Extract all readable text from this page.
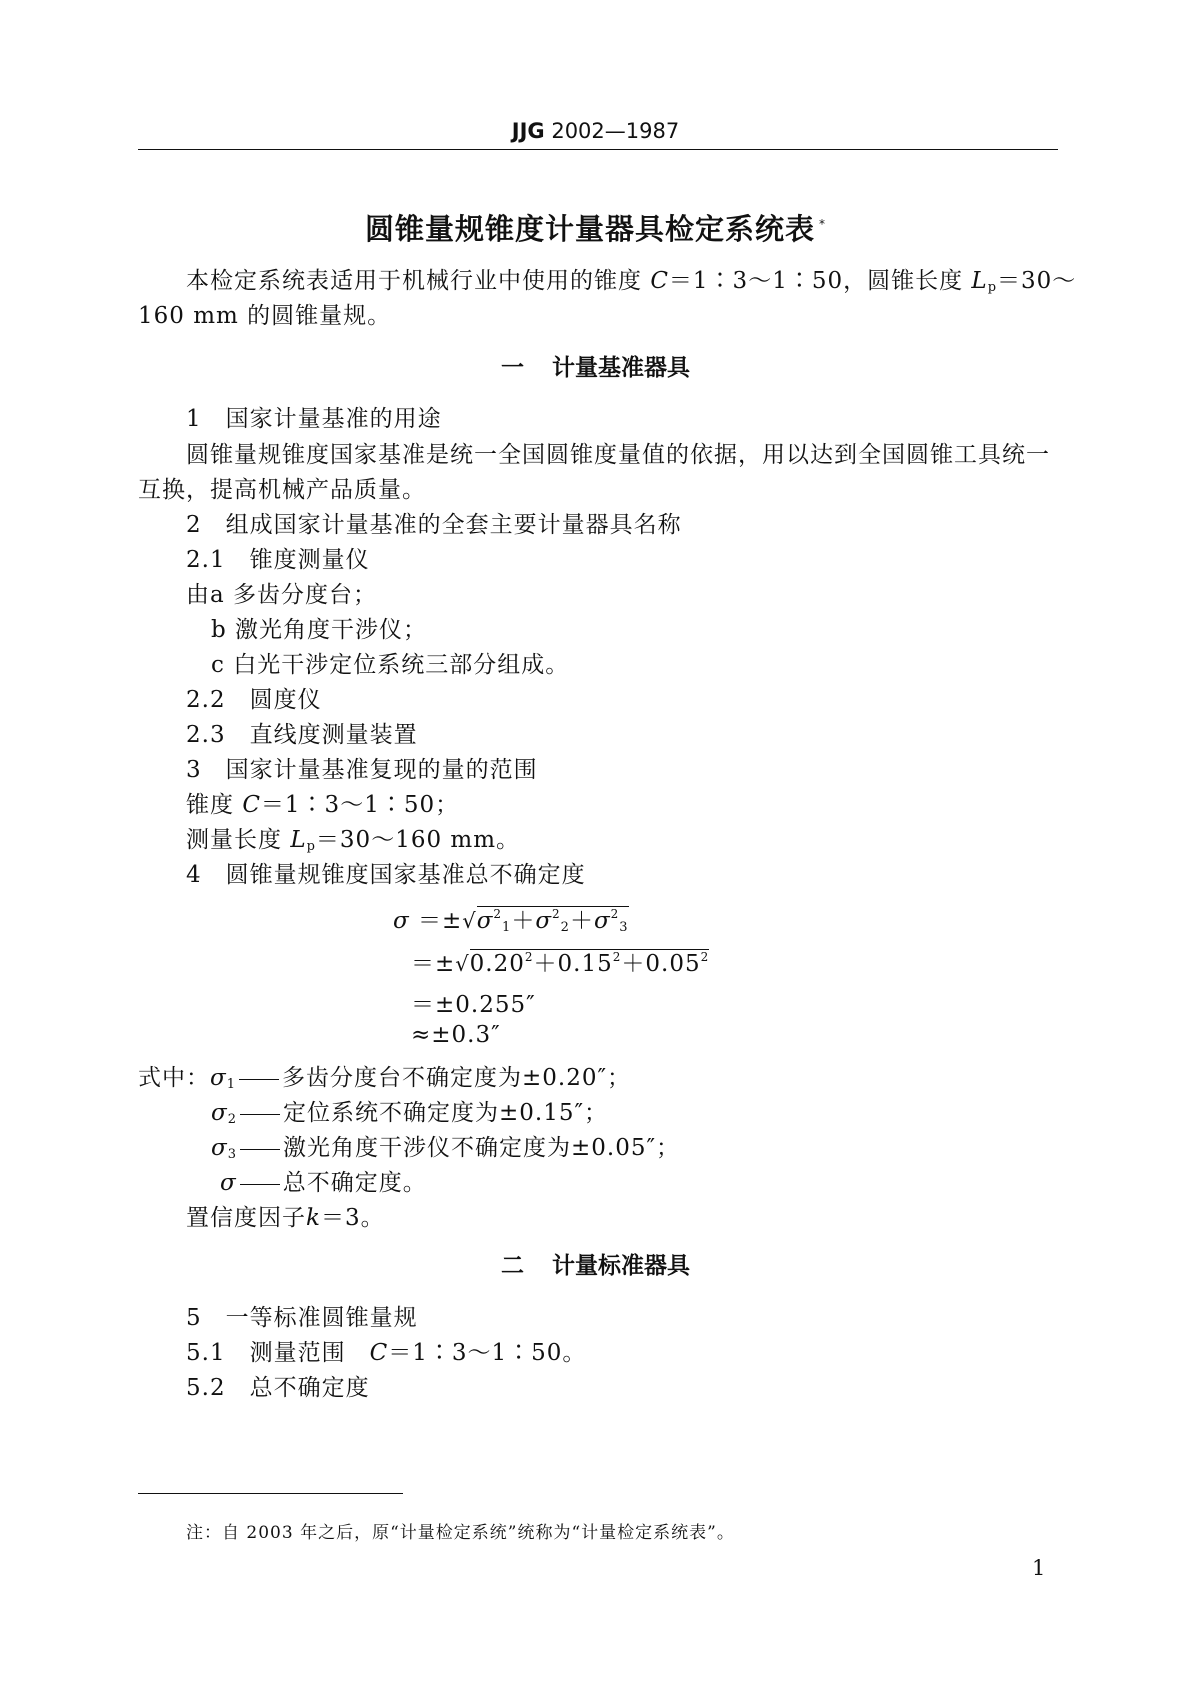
JJG 2002—1987
圆锥量规锥度计量器具检定系统表 *
本检定系统表适用于机械行业中使用的锥度 C＝1∶3～1∶50，圆锥长度 $L_p=30\sim$
160 mm 的圆锥量规。
一 计量基准器具
1　国家计量基准的用途
圆锥量规锥度国家基准是统一全国圆锥度量值的依据，用以达到全国圆锥工具统一
互换，提高机械产品质量。
2　组成国家计量基准的全套主要计量器具名称
2.1　锥度测量仪
由a 多齿分度台；
b 激光角度干涉仪；
c 白光干涉定位系统三部分组成。
2.2　圆度仪
2.3　直线度测量装置
3　国家计量基准复现的量的范围
锥度 C＝1∶3～1∶50；
测量长度 $L_p=30\sim 160$ mm。
4　圆锥量规锥度国家基准总不确定度
$\sigma =\pm√\sigma^2_1+\sigma^2_2+\sigma^2_3$
$=\pm√0.20^2+0.15^2+0.05^2$
＝±0.255″
≈±0.3″
式中：$\sigma_1$ 多齿分度台不确定度为±0.20″；
$\sigma_2$ 定位系统不确定度为±0.15″；
$\sigma_3$ 激光角度干涉仪不确定度为±0.05″；
σ 总不确定度。
置信度因子k＝3。
二 计量标准器具
5　一等标准圆锥量规
5.1　测量范围　C＝1∶3～1∶50。
5.2　总不确定度
注：自 2003 年之后，原“计量检定系统”统称为“计量检定系统表”。
1
